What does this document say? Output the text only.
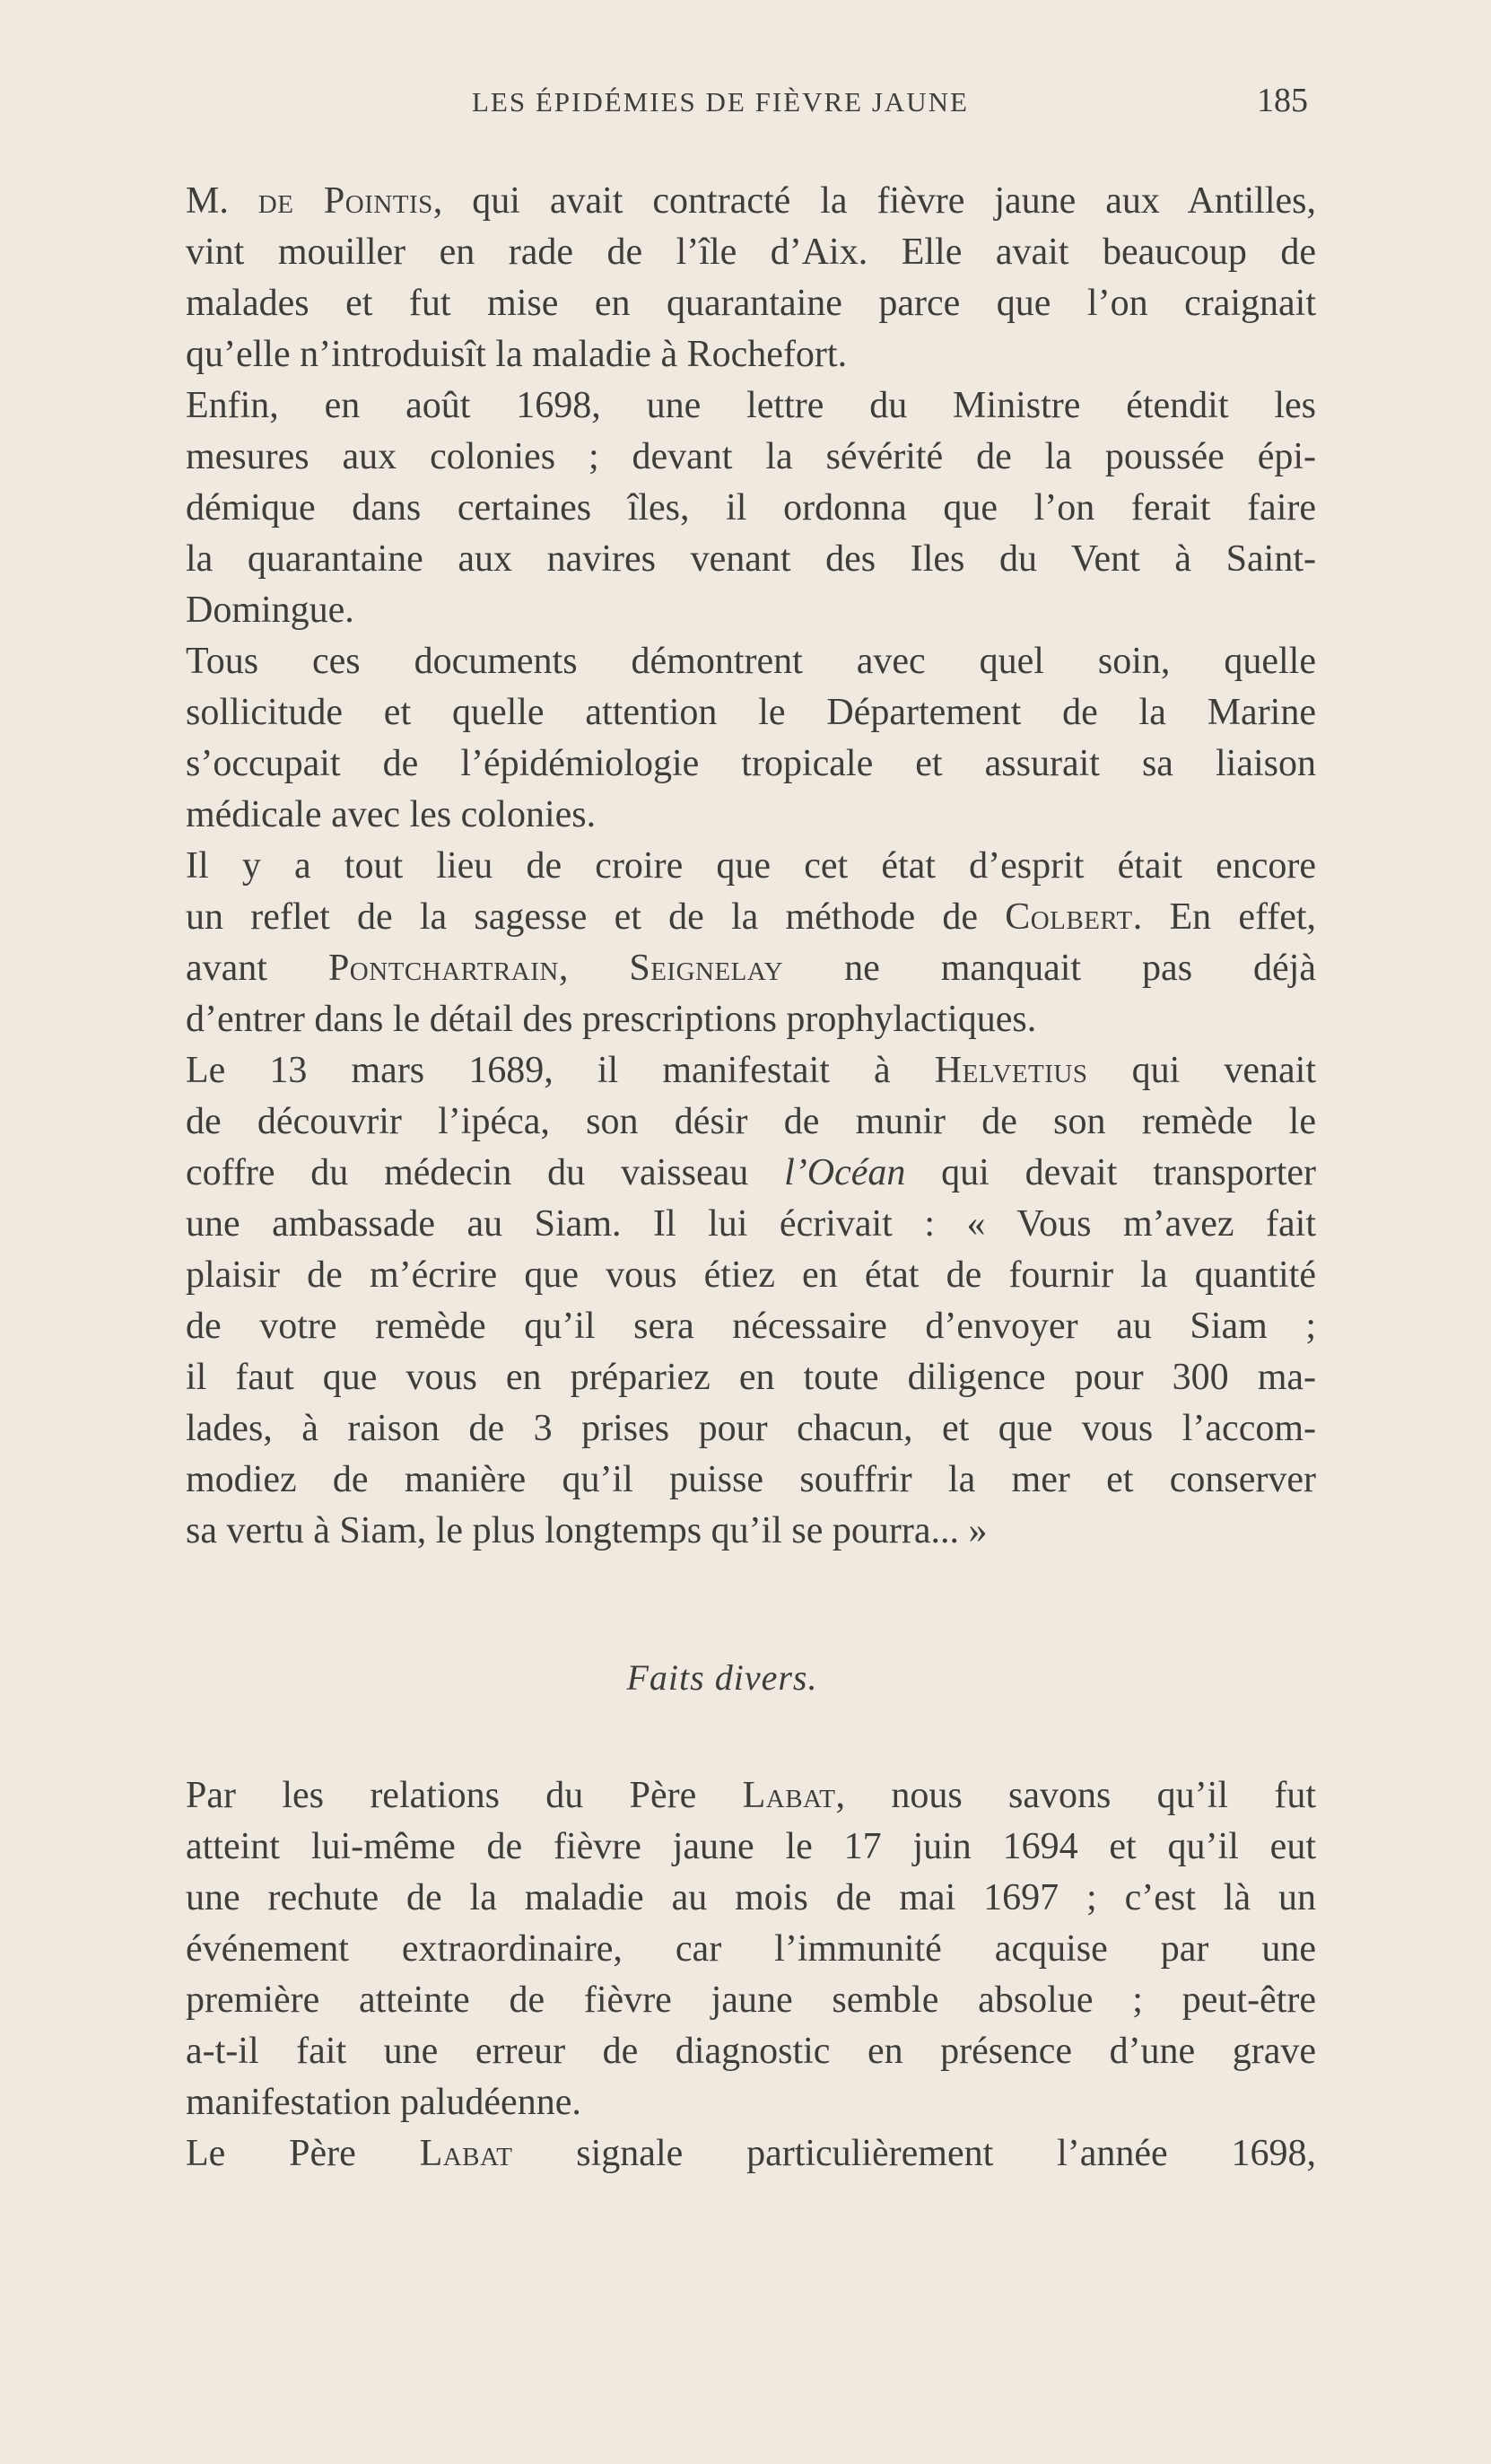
LES ÉPIDÉMIES DE FIÈVRE JAUNE	185
M. de Pointis, qui avait contracté la fièvre jaune aux Antilles,
vint mouiller en rade de l’île d’Aix. Elle avait beaucoup de
malades et fut mise en quarantaine parce que l’on craignait
qu’elle n’introduisît la maladie à Rochefort.
Enfin, en août 1698, une lettre du Ministre étendit les
mesures aux colonies ; devant la sévérité de la poussée épi-
démique dans certaines îles, il ordonna que l’on ferait faire
la quarantaine aux navires venant des Iles du Vent à Saint-
Domingue.
Tous ces documents démontrent avec quel soin, quelle
sollicitude et quelle attention le Département de la Marine
s’occupait de l’épidémiologie tropicale et assurait sa liaison
médicale avec les colonies.
Il y a tout lieu de croire que cet état d’esprit était encore
un reflet de la sagesse et de la méthode de Colbert. En effet,
avant Pontchartrain, Seignelay ne manquait pas déjà
d’entrer dans le détail des prescriptions prophylactiques.
Le 13 mars 1689, il manifestait à Helvetius qui venait
de découvrir l’ipéca, son désir de munir de son remède le
coffre du médecin du vaisseau l’Océan qui devait transporter
une ambassade au Siam. Il lui écrivait : « Vous m’avez fait
plaisir de m’écrire que vous étiez en état de fournir la quantité
de votre remède qu’il sera nécessaire d’envoyer au Siam ;
il faut que vous en prépariez en toute diligence pour 300 ma-
lades, à raison de 3 prises pour chacun, et que vous l’accom-
modiez de manière qu’il puisse souffrir la mer et conserver
sa vertu à Siam, le plus longtemps qu’il se pourra... »
Faits divers.
Par les relations du Père Labat, nous savons qu’il fut
atteint lui-même de fièvre jaune le 17 juin 1694 et qu’il eut
une rechute de la maladie au mois de mai 1697 ; c’est là un
événement extraordinaire, car l’immunité acquise par une
première atteinte de fièvre jaune semble absolue ; peut-être
a-t-il fait une erreur de diagnostic en présence d’une grave
manifestation paludéenne.
Le Père Labat signale particulièrement l’année 1698,
